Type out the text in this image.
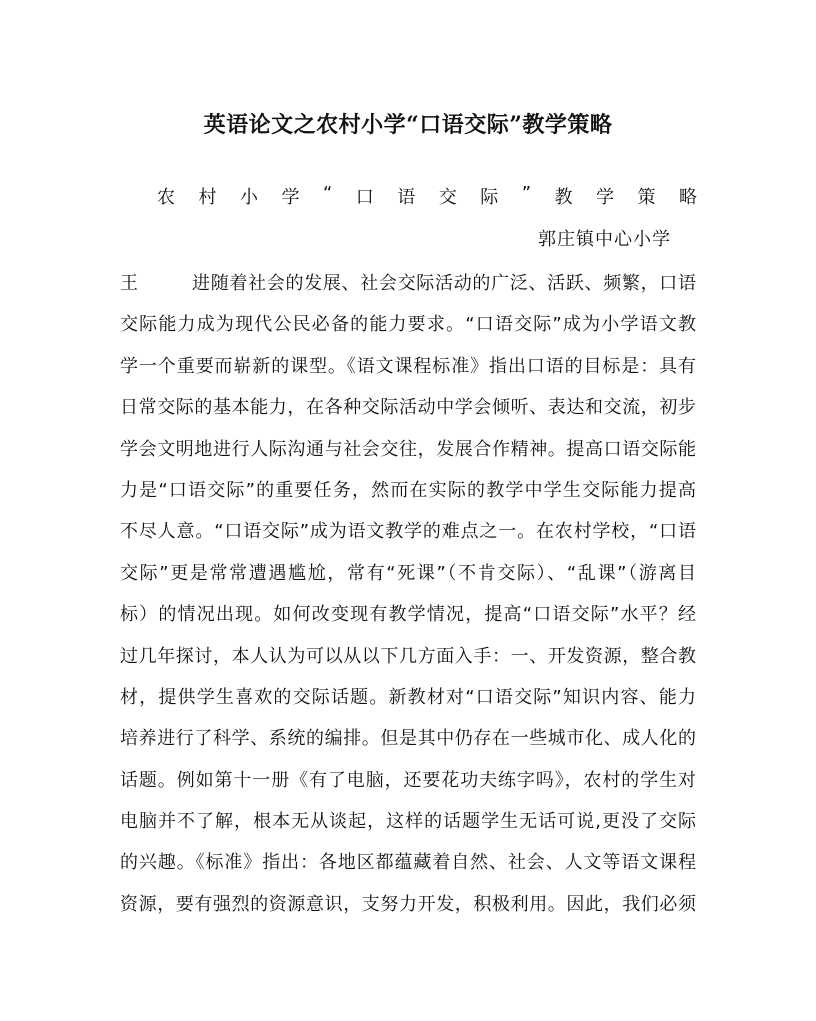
英语论文之农村小学“口语交际”教学策略
农 村 小 学 “ 口 语 交 际 ” 教 学 策 略
郭庄镇中心小学
王进随着社会的发展、社会交际活动的广泛、活跃、频繁，口语
交际能力成为现代公民必备的能力要求。“口语交际”成为小学语文教
学一个重要而崭新的课型。《语文课程标准》指出口语的目标是：具有
日常交际的基本能力，在各种交际活动中学会倾听、表达和交流，初步
学会文明地进行人际沟通与社会交往，发展合作精神。提高口语交际能
力是“口语交际”的重要任务，然而在实际的教学中学生交际能力提高
不尽人意。“口语交际”成为语文教学的难点之一。在农村学校，“口语
交际”更是常常遭遇尴尬，常有“死课”（不肯交际）、“乱课”（游离目
标）的情况出现。如何改变现有教学情况，提高“口语交际”水平？经
过几年探讨，本人认为可以从以下几方面入手：一、开发资源，整合教
材，提供学生喜欢的交际话题。新教材对“口语交际”知识内容、能力
培养进行了科学、系统的编排。但是其中仍存在一些城市化、成人化的
话题。例如第十一册《有了电脑，还要花功夫练字吗》，农村的学生对
电脑并不了解，根本无从谈起，这样的话题学生无话可说,更没了交际
的兴趣。《标准》指出：各地区都蕴藏着自然、社会、人文等语文课程
资源，要有强烈的资源意识，支努力开发，积极利用。因此，我们必须
